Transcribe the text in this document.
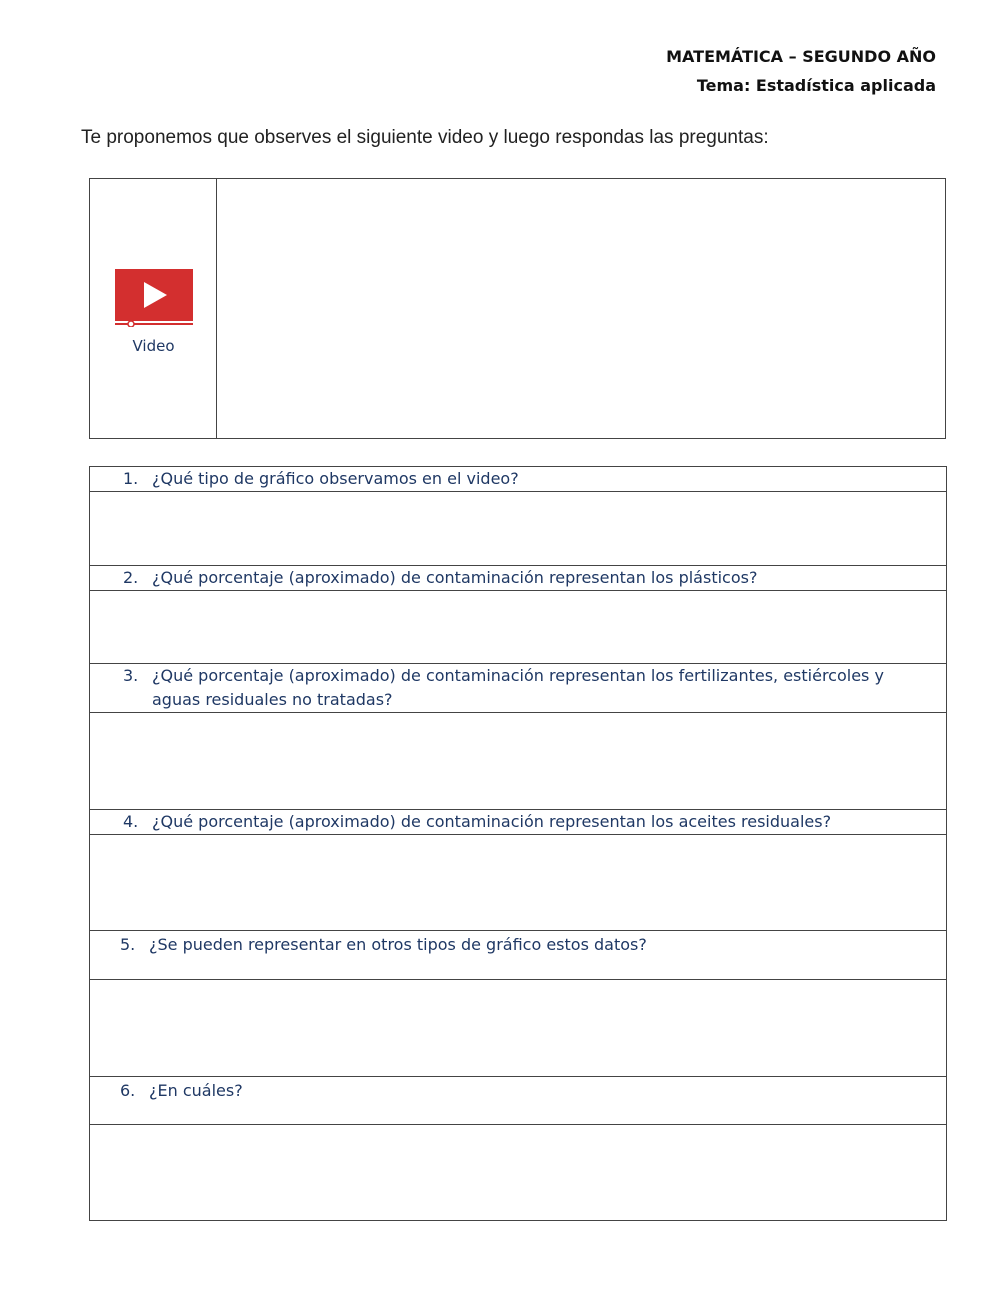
MATEMÁTICA – SEGUNDO AÑO
Tema: Estadística aplicada
Te proponemos que observes el siguiente video y luego respondas las preguntas:
Video
1. ¿Qué tipo de gráfico observamos en el video?

2. ¿Qué porcentaje (aproximado) de contaminación representan los plásticos?

3. ¿Qué porcentaje (aproximado) de contaminación representan los fertilizantes, estiércoles y aguas residuales no tratadas?

4. ¿Qué porcentaje (aproximado) de contaminación representan los aceites residuales?

5. ¿Se pueden representar en otros tipos de gráfico estos datos?

6. ¿En cuáles?
